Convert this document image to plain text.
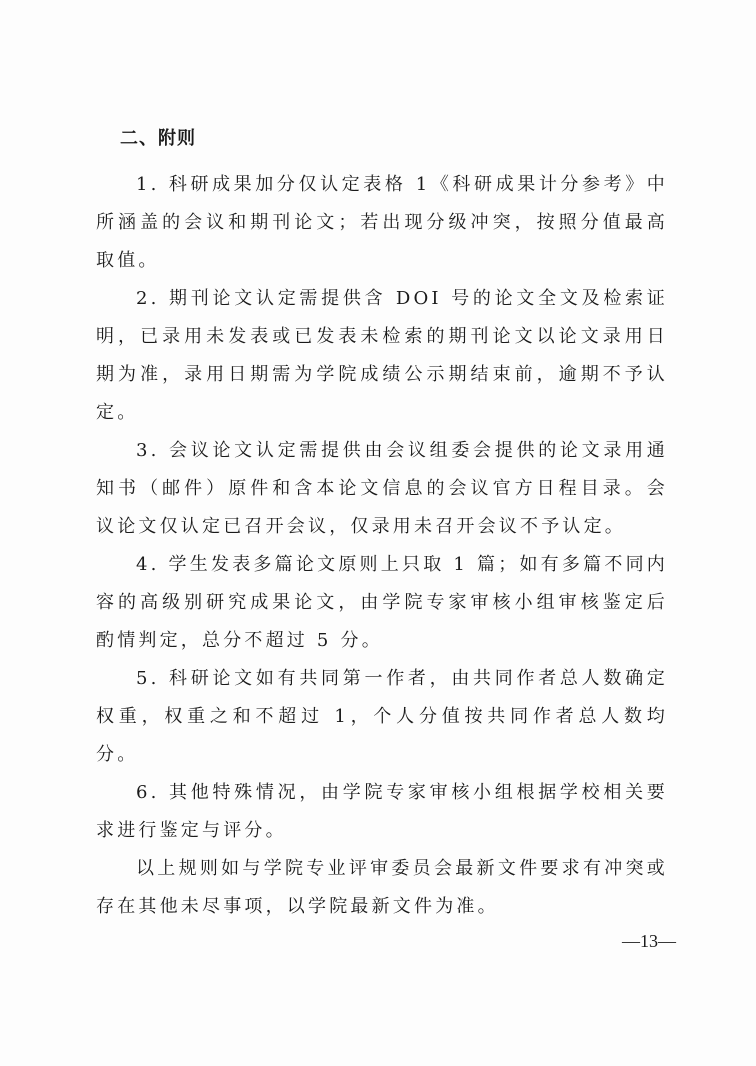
二、附则

1. 科研成果加分仅认定表格 1《科研成果计分参考》中所涵盖的会议和期刊论文；若出现分级冲突，按照分值最高取值。

2. 期刊论文认定需提供含 DOI 号的论文全文及检索证明，已录用未发表或已发表未检索的期刊论文以论文录用日期为准，录用日期需为学院成绩公示期结束前，逾期不予认定。

3. 会议论文认定需提供由会议组委会提供的论文录用通知书（邮件）原件和含本论文信息的会议官方日程目录。会议论文仅认定已召开会议，仅录用未召开会议不予认定。

4. 学生发表多篇论文原则上只取 1 篇；如有多篇不同内容的高级别研究成果论文，由学院专家审核小组审核鉴定后酌情判定，总分不超过 5 分。

5. 科研论文如有共同第一作者，由共同作者总人数确定权重，权重之和不超过 1，个人分值按共同作者总人数均分。

6. 其他特殊情况，由学院专家审核小组根据学校相关要求进行鉴定与评分。

以上规则如与学院专业评审委员会最新文件要求有冲突或存在其他未尽事项，以学院最新文件为准。

—13—
